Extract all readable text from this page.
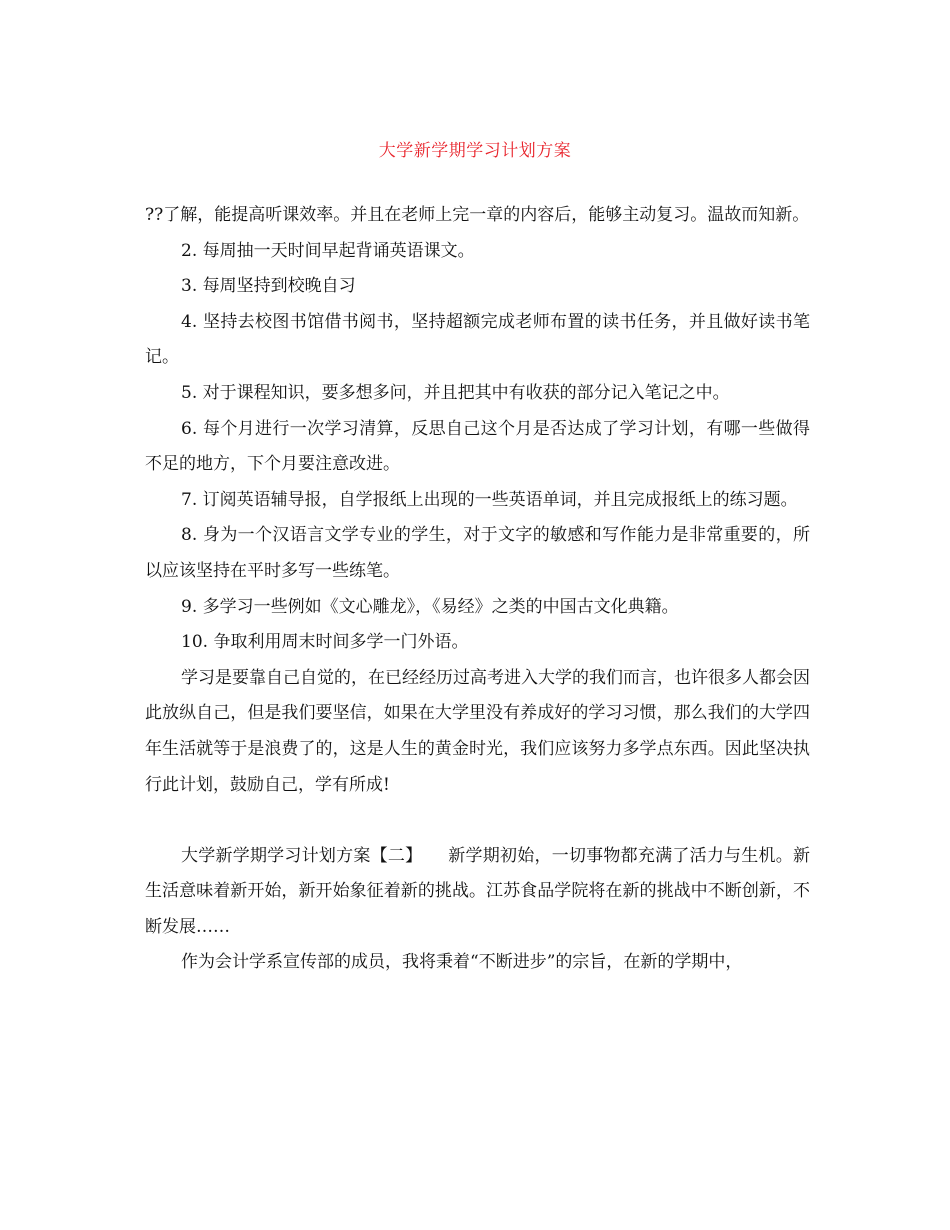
大学新学期学习计划方案

??了解，能提高听课效率。并且在老师上完一章的内容后，能够主动复习。温故而知新。

2. 每周抽一天时间早起背诵英语课文。

3. 每周坚持到校晚自习

4. 坚持去校图书馆借书阅书，坚持超额完成老师布置的读书任务，并且做好读书笔记。

5. 对于课程知识，要多想多问，并且把其中有收获的部分记入笔记之中。

6. 每个月进行一次学习清算，反思自己这个月是否达成了学习计划，有哪一些做得不足的地方，下个月要注意改进。

7. 订阅英语辅导报，自学报纸上出现的一些英语单词，并且完成报纸上的练习题。

8. 身为一个汉语言文学专业的学生，对于文字的敏感和写作能力是非常重要的，所以应该坚持在平时多写一些练笔。

9. 多学习一些例如《文心雕龙》，《易经》之类的中国古文化典籍。

10. 争取利用周末时间多学一门外语。

学习是要靠自己自觉的，在已经经历过高考进入大学的我们而言，也许很多人都会因此放纵自己，但是我们要坚信，如果在大学里没有养成好的学习习惯，那么我们的大学四年生活就等于是浪费了的，这是人生的黄金时光，我们应该努力多学点东西。因此坚决执行此计划，鼓励自己，学有所成!

大学新学期学习计划方案【二】　　新学期初始，一切事物都充满了活力与生机。新生活意味着新开始，新开始象征着新的挑战。江苏食品学院将在新的挑战中不断创新，不断发展……

作为会计学系宣传部的成员，我将秉着“不断进步”的宗旨，在新的学期中，
